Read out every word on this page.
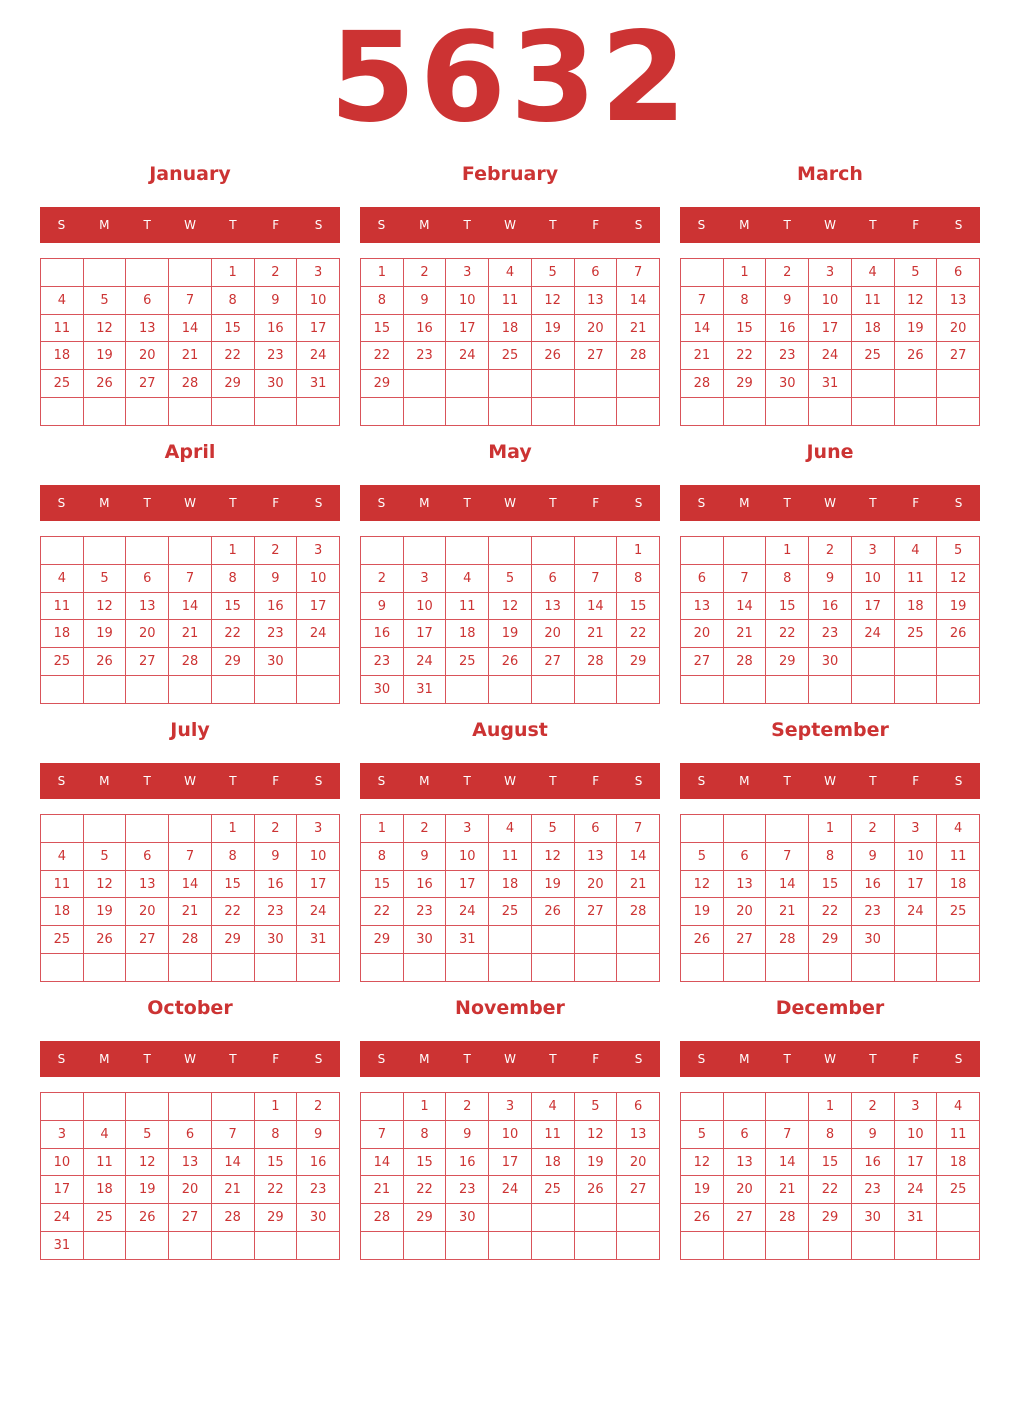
5632
January
S	M	T	W	T	F	S
				1	2	3
4	5	6	7	8	9	10
11	12	13	14	15	16	17
18	19	20	21	22	23	24
25	26	27	28	29	30	31

February
S	M	T	W	T	F	S
1	2	3	4	5	6	7
8	9	10	11	12	13	14
15	16	17	18	19	20	21
22	23	24	25	26	27	28
29						

March
S	M	T	W	T	F	S
	1	2	3	4	5	6
7	8	9	10	11	12	13
14	15	16	17	18	19	20
21	22	23	24	25	26	27
28	29	30	31			

April
S	M	T	W	T	F	S
				1	2	3
4	5	6	7	8	9	10
11	12	13	14	15	16	17
18	19	20	21	22	23	24
25	26	27	28	29	30	

May
S	M	T	W	T	F	S
						1
2	3	4	5	6	7	8
9	10	11	12	13	14	15
16	17	18	19	20	21	22
23	24	25	26	27	28	29
30	31					
June
S	M	T	W	T	F	S
		1	2	3	4	5
6	7	8	9	10	11	12
13	14	15	16	17	18	19
20	21	22	23	24	25	26
27	28	29	30			

July
S	M	T	W	T	F	S
				1	2	3
4	5	6	7	8	9	10
11	12	13	14	15	16	17
18	19	20	21	22	23	24
25	26	27	28	29	30	31

August
S	M	T	W	T	F	S
1	2	3	4	5	6	7
8	9	10	11	12	13	14
15	16	17	18	19	20	21
22	23	24	25	26	27	28
29	30	31				

September
S	M	T	W	T	F	S
			1	2	3	4
5	6	7	8	9	10	11
12	13	14	15	16	17	18
19	20	21	22	23	24	25
26	27	28	29	30		

October
S	M	T	W	T	F	S
					1	2
3	4	5	6	7	8	9
10	11	12	13	14	15	16
17	18	19	20	21	22	23
24	25	26	27	28	29	30
31						
November
S	M	T	W	T	F	S
	1	2	3	4	5	6
7	8	9	10	11	12	13
14	15	16	17	18	19	20
21	22	23	24	25	26	27
28	29	30				

December
S	M	T	W	T	F	S
			1	2	3	4
5	6	7	8	9	10	11
12	13	14	15	16	17	18
19	20	21	22	23	24	25
26	27	28	29	30	31	
